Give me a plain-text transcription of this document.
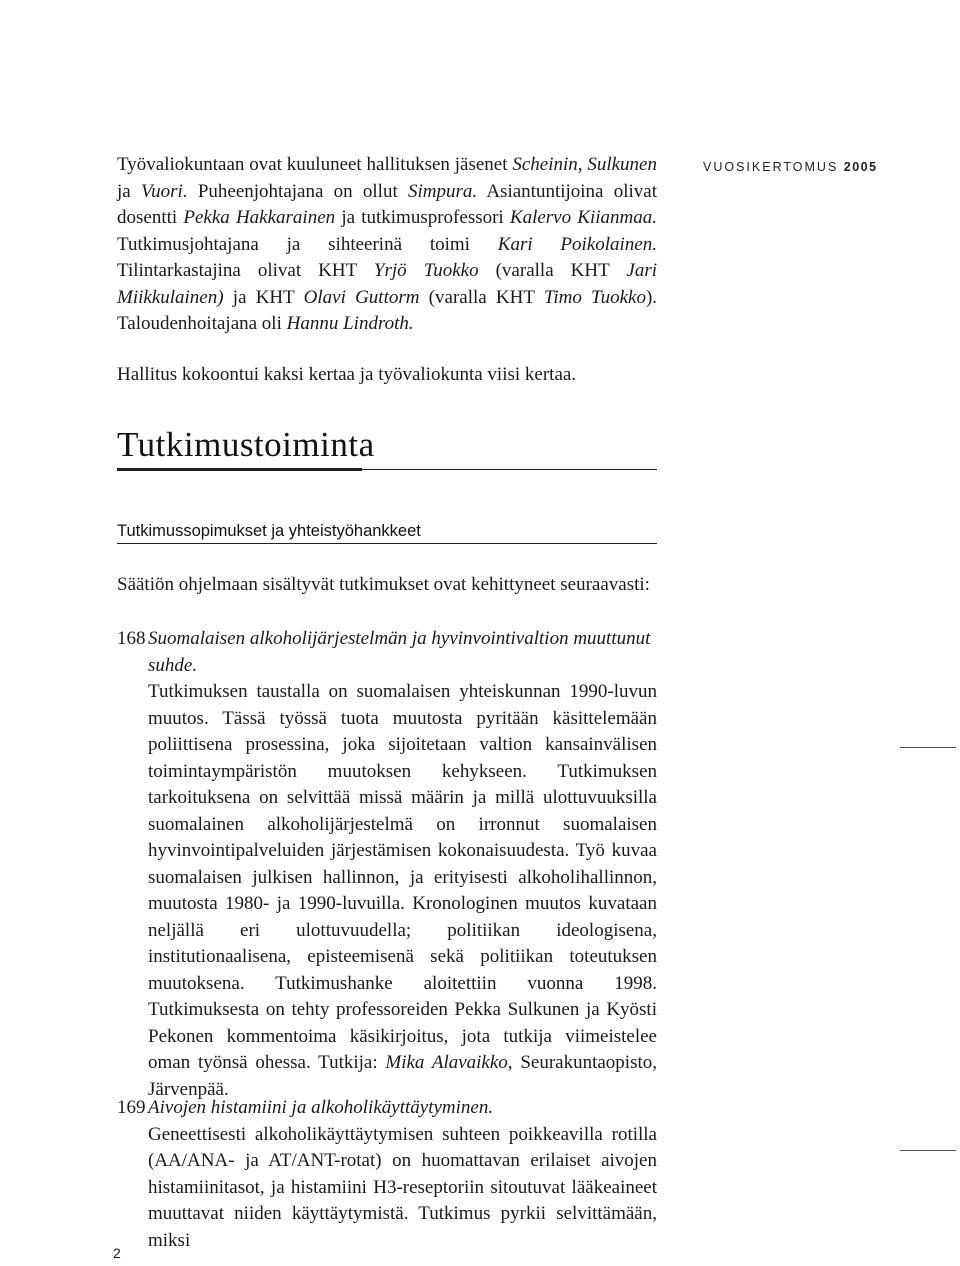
VUOSIKERTOMUS 2005

Työvaliokuntaan ovat kuuluneet hallituksen jäsenet Scheinin, Sulkunen ja Vuori. Puheenjohtajana on ollut Simpura. Asiantuntijoina olivat dosentti Pekka Hakkarainen ja tutkimusprofessori Kalervo Kiianmaa. Tutkimusjohtajana ja sihteerinä toimi Kari Poikolainen. Tilintarkastajina olivat KHT Yrjö Tuokko (varalla KHT Jari Miikkulainen) ja KHT Olavi Guttorm (varalla KHT Timo Tuokko). Taloudenhoitajana oli Hannu Lindroth.

Hallitus kokoontui kaksi kertaa ja työvaliokunta viisi kertaa.

Tutkimustoiminta
Tutkimussopimukset ja yhteistyöhankkeet

Säätiön ohjelmaan sisältyvät tutkimukset ovat kehittyneet seuraavasti:

168 Suomalaisen alkoholijärjestelmän ja hyvinvointivaltion muuttunut suhde.

Tutkimuksen taustalla on suomalaisen yhteiskunnan 1990-luvun muutos. Tässä työssä tuota muutosta pyritään käsittelemään poliittisena prosessina, joka sijoitetaan valtion kansainvälisen toimintaympäristön muutoksen kehykseen. Tutkimuksen tarkoituksena on selvittää missä määrin ja millä ulottuvuuksilla suomalainen alkoholijärjestelmä on irronnut suomalaisen hyvinvointipalveluiden järjestämisen kokonaisuudesta. Työ kuvaa suomalaisen julkisen hallinnon, ja erityisesti alkoholihallinnon, muutosta 1980- ja 1990-luvuilla. Kronologinen muutos kuvataan neljällä eri ulottuvuudella; politiikan ideologisena, institutionaalisena, episteemisenä sekä politiikan toteutuksen muutoksena. Tutkimushanke aloitettiin vuonna 1998. Tutkimuksesta on tehty professoreiden Pekka Sulkunen ja Kyösti Pekonen kommentoima käsikirjoitus, jota tutkija viimeistelee oman työnsä ohessa. Tutkija: Mika Alavaikko, Seurakuntaopisto, Järvenpää.

169 Aivojen histamiini ja alkoholikäyttäytyminen.

Geneettisesti alkoholikäyttäytymisen suhteen poikkeavilla rotilla (AA/ANA- ja AT/ANT-rotat) on huomattavan erilaiset aivojen histamiinitasot, ja histamiini H3-reseptoriin sitoutuvat lääkeaineet muuttavat niiden käyttäytymistä. Tutkimus pyrkii selvittämään, miksi

2
